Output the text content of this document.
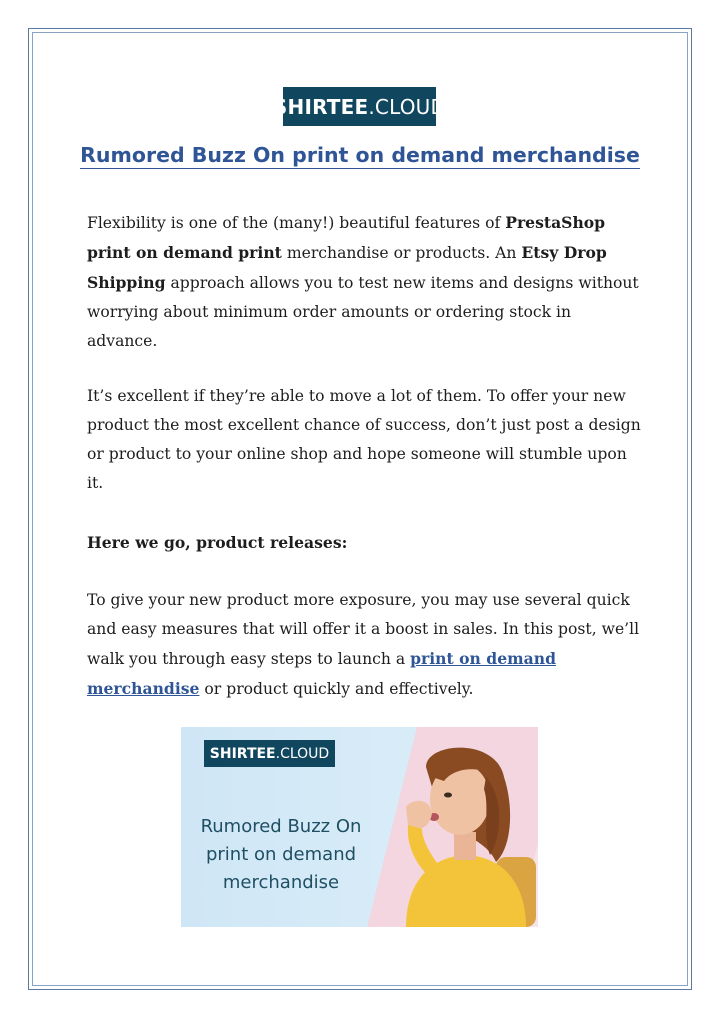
SHIRTEE.CLOUD
Rumored Buzz On print on demand merchandise
Flexibility is one of the (many!) beautiful features of PrestaShop print on demand print merchandise or products. An Etsy Drop Shipping approach allows you to test new items and designs without worrying about minimum order amounts or ordering stock in advance.
It’s excellent if they’re able to move a lot of them. To offer your new product the most excellent chance of success, don’t just post a design or product to your online shop and hope someone will stumble upon it.
Here we go, product releases:
To give your new product more exposure, you may use several quick and easy measures that will offer it a boost in sales. In this post, we’ll walk you through easy steps to launch a print on demand merchandise or product quickly and effectively.
SHIRTEE.CLOUD
Rumored Buzz On
print on demand
merchandise
